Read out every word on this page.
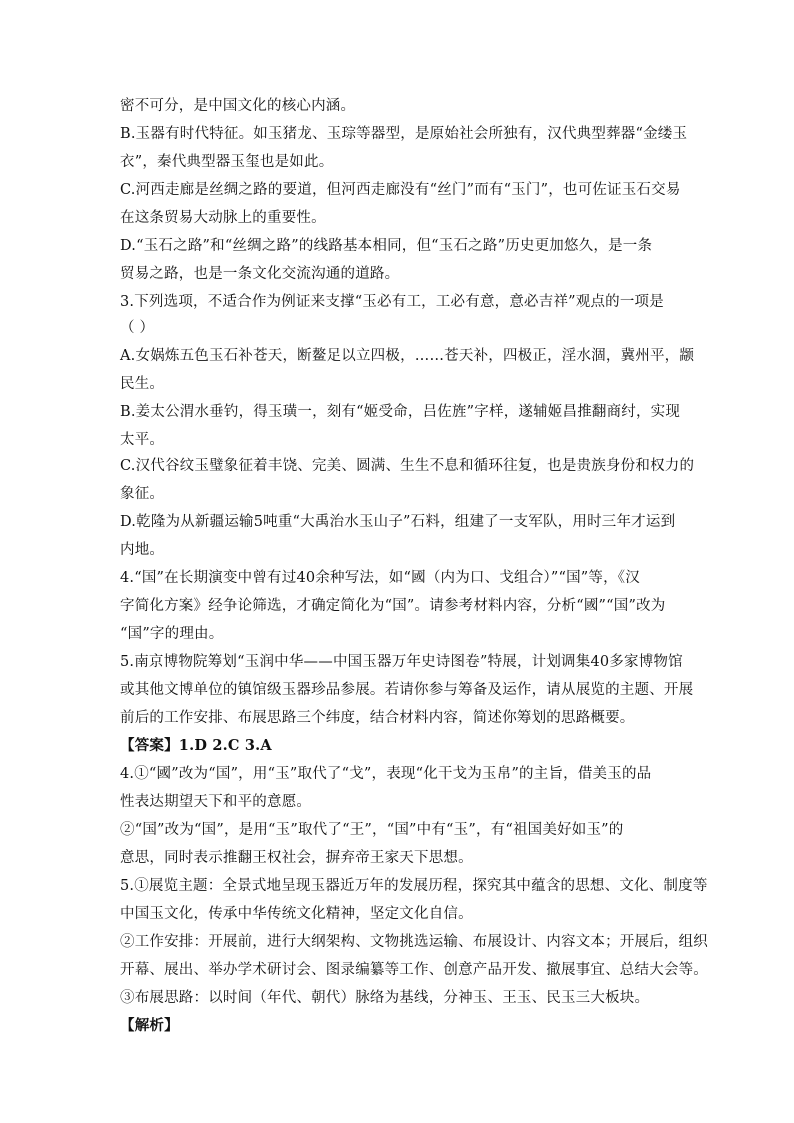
密不可分，是中国文化的核心内涵。
B.玉器有时代特征。如玉猪龙、玉琮等器型，是原始社会所独有，汉代典型葬器“金缕玉
衣”，秦代典型器玉玺也是如此。
C.河西走廊是丝绸之路的要道，但河西走廊没有“丝门”而有“玉门”，也可佐证玉石交易
在这条贸易大动脉上的重要性。
D.“玉石之路”和“丝绸之路”的线路基本相同，但“玉石之路”历史更加悠久，是一条
贸易之路，也是一条文化交流沟通的道路。
3.下列选项，不适合作为例证来支撑“玉必有工，工必有意，意必吉祥”观点的一项是
（ ）
A.女娲炼五色玉石补苍天，断鳌足以立四极，……苍天补，四极正，淫水涸，冀州平，颛
民生。
B.姜太公渭水垂钓，得玉璜一，刻有“姬受命，吕佐旌”字样，遂辅姬昌推翻商纣，实现
太平。
C.汉代谷纹玉璧象征着丰饶、完美、圆满、生生不息和循环往复，也是贵族身份和权力的
象征。
D.乾隆为从新疆运输5吨重“大禹治水玉山子”石料，组建了一支军队，用时三年才运到
内地。
4.“国”在长期演变中曾有过40余种写法，如“國（内为口、戈组合）”“国”等，《汉
字简化方案》经争论筛选，才确定简化为“国”。请参考材料内容，分析“國”“国”改为
“国”字的理由。
5.南京博物院筹划“玉润中华——中国玉器万年史诗图卷”特展，计划调集40多家博物馆
或其他文博单位的镇馆级玉器珍品参展。若请你参与筹备及运作，请从展览的主题、开展
前后的工作安排、布展思路三个纬度，结合材料内容，简述你筹划的思路概要。
【答案】1.D 2.C 3.A
4.①“國”改为“国”，用“玉”取代了“戈”，表现“化干戈为玉帛”的主旨，借美玉的品
性表达期望天下和平的意愿。
②“国”改为“国”，是用“玉”取代了“王”，“国”中有“玉”，有“祖国美好如玉”的
意思，同时表示推翻王权社会，摒弃帝王家天下思想。
5.①展览主题：全景式地呈现玉器近万年的发展历程，探究其中蕴含的思想、文化、制度等
中国玉文化，传承中华传统文化精神，坚定文化自信。
②工作安排：开展前，进行大纲架构、文物挑选运输、布展设计、内容文本；开展后，组织
开幕、展出、举办学术研讨会、图录编纂等工作、创意产品开发、撤展事宜、总结大会等。
③布展思路：以时间（年代、朝代）脉络为基线，分神玉、王玉、民玉三大板块。
【解析】
